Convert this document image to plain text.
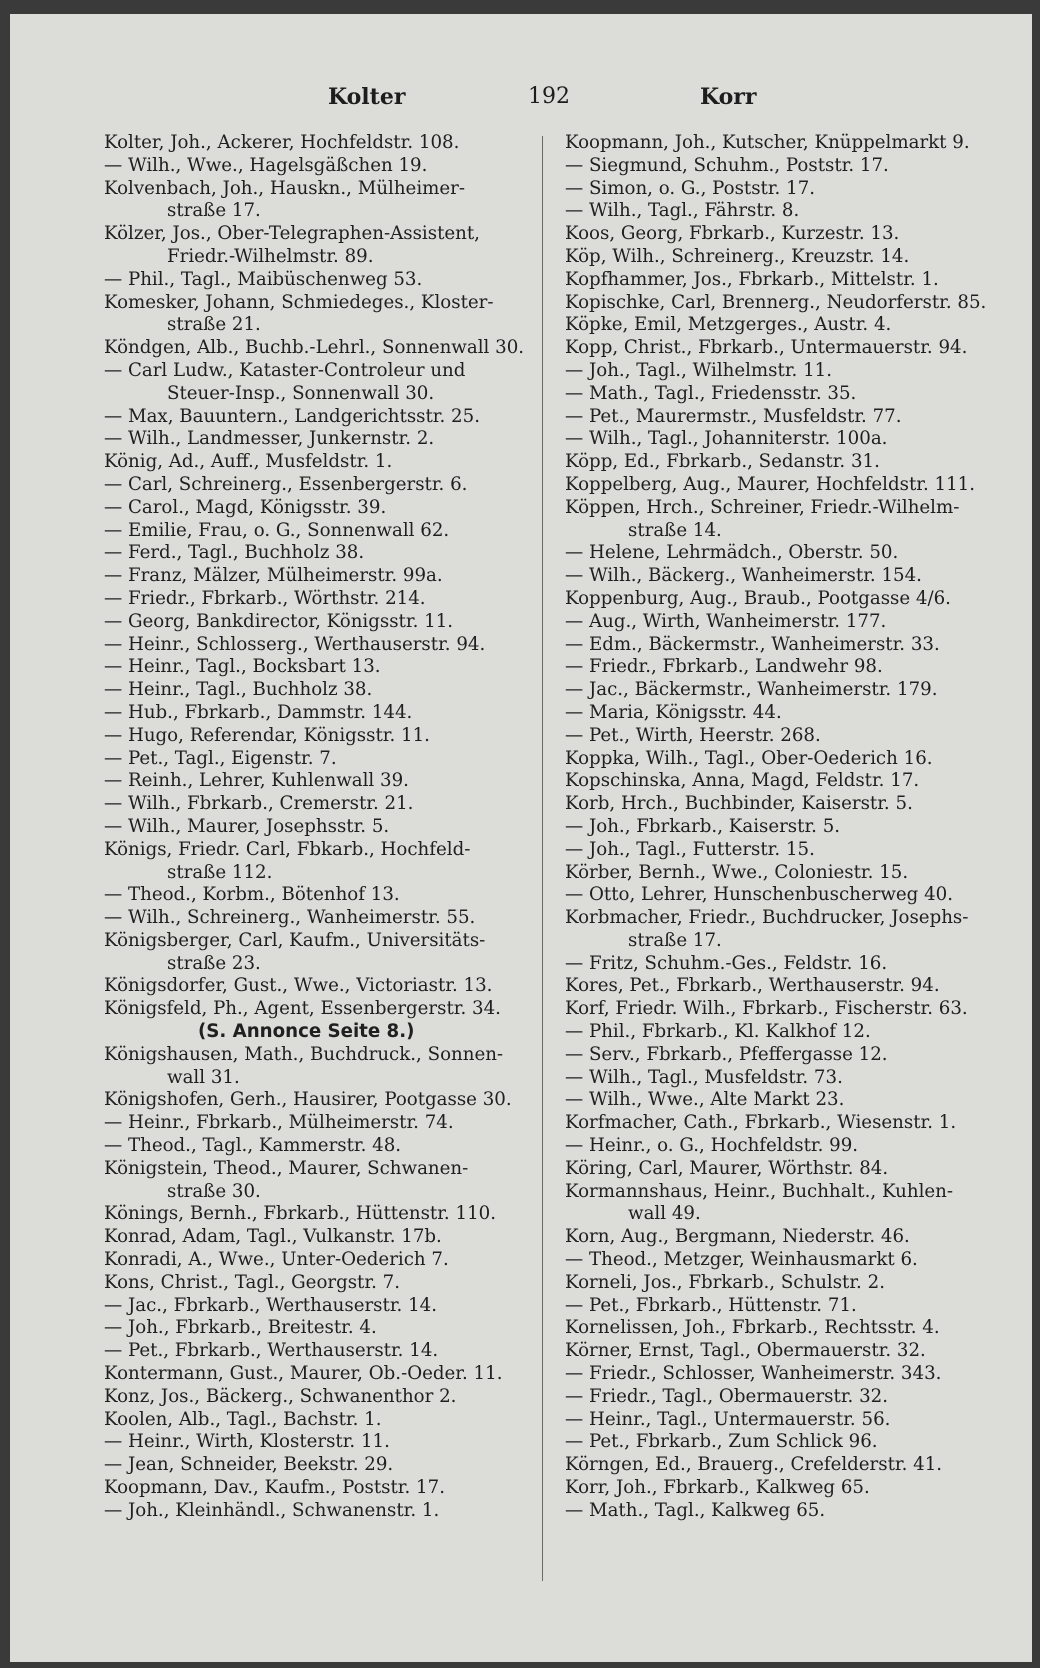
Kolter	192	Korr
Kolter, Joh., Ackerer, Hochfeldstr. 108.
— Wilh., Wwe., Hagelsgäßchen 19.
Kolvenbach, Joh., Hauskn., Mülheimer-
straße 17.
Kölzer, Jos., Ober-Telegraphen-Assistent,
Friedr.-Wilhelmstr. 89.
— Phil., Tagl., Maibüschenweg 53.
Komesker, Johann, Schmiedeges., Kloster-
straße 21.
Köndgen, Alb., Buchb.-Lehrl., Sonnenwall 30.
— Carl Ludw., Kataster-Controleur und
Steuer-Insp., Sonnenwall 30.
— Max, Bauuntern., Landgerichtsstr. 25.
— Wilh., Landmesser, Junkernstr. 2.
König, Ad., Auff., Musfeldstr. 1.
— Carl, Schreinerg., Essenbergerstr. 6.
— Carol., Magd, Königsstr. 39.
— Emilie, Frau, o. G., Sonnenwall 62.
— Ferd., Tagl., Buchholz 38.
— Franz, Mälzer, Mülheimerstr. 99a.
— Friedr., Fbrkarb., Wörthstr. 214.
— Georg, Bankdirector, Königsstr. 11.
— Heinr., Schlosserg., Werthauserstr. 94.
— Heinr., Tagl., Bocksbart 13.
— Heinr., Tagl., Buchholz 38.
— Hub., Fbrkarb., Dammstr. 144.
— Hugo, Referendar, Königsstr. 11.
— Pet., Tagl., Eigenstr. 7.
— Reinh., Lehrer, Kuhlenwall 39.
— Wilh., Fbrkarb., Cremerstr. 21.
— Wilh., Maurer, Josephsstr. 5.
Königs, Friedr. Carl, Fbkarb., Hochfeld-
straße 112.
— Theod., Korbm., Bötenhof 13.
— Wilh., Schreinerg., Wanheimerstr. 55.
Königsberger, Carl, Kaufm., Universitäts-
straße 23.
Königsdorfer, Gust., Wwe., Victoriastr. 13.
Königsfeld, Ph., Agent, Essenbergerstr. 34.
(S. Annonce Seite 8.)
Königshausen, Math., Buchdruck., Sonnen-
wall 31.
Königshofen, Gerh., Hausirer, Pootgasse 30.
— Heinr., Fbrkarb., Mülheimerstr. 74.
— Theod., Tagl., Kammerstr. 48.
Königstein, Theod., Maurer, Schwanen-
straße 30.
Könings, Bernh., Fbrkarb., Hüttenstr. 110.
Konrad, Adam, Tagl., Vulkanstr. 17b.
Konradi, A., Wwe., Unter-Oederich 7.
Kons, Christ., Tagl., Georgstr. 7.
— Jac., Fbrkarb., Werthauserstr. 14.
— Joh., Fbrkarb., Breitestr. 4.
— Pet., Fbrkarb., Werthauserstr. 14.
Kontermann, Gust., Maurer, Ob.-Oeder. 11.
Konz, Jos., Bäckerg., Schwanenthor 2.
Koolen, Alb., Tagl., Bachstr. 1.
— Heinr., Wirth, Klosterstr. 11.
— Jean, Schneider, Beekstr. 29.
Koopmann, Dav., Kaufm., Poststr. 17.
— Joh., Kleinhändl., Schwanenstr. 1.
Koopmann, Joh., Kutscher, Knüppelmarkt 9.
— Siegmund, Schuhm., Poststr. 17.
— Simon, o. G., Poststr. 17.
— Wilh., Tagl., Fährstr. 8.
Koos, Georg, Fbrkarb., Kurzestr. 13.
Köp, Wilh., Schreinerg., Kreuzstr. 14.
Kopfhammer, Jos., Fbrkarb., Mittelstr. 1.
Kopischke, Carl, Brennerg., Neudorferstr. 85.
Köpke, Emil, Metzgerges., Austr. 4.
Kopp, Christ., Fbrkarb., Untermauerstr. 94.
— Joh., Tagl., Wilhelmstr. 11.
— Math., Tagl., Friedensstr. 35.
— Pet., Maurermstr., Musfeldstr. 77.
— Wilh., Tagl., Johanniterstr. 100a.
Köpp, Ed., Fbrkarb., Sedanstr. 31.
Koppelberg, Aug., Maurer, Hochfeldstr. 111.
Köppen, Hrch., Schreiner, Friedr.-Wilhelm-
straße 14.
— Helene, Lehrmädch., Oberstr. 50.
— Wilh., Bäckerg., Wanheimerstr. 154.
Koppenburg, Aug., Braub., Pootgasse 4/6.
— Aug., Wirth, Wanheimerstr. 177.
— Edm., Bäckermstr., Wanheimerstr. 33.
— Friedr., Fbrkarb., Landwehr 98.
— Jac., Bäckermstr., Wanheimerstr. 179.
— Maria, Königsstr. 44.
— Pet., Wirth, Heerstr. 268.
Koppka, Wilh., Tagl., Ober-Oederich 16.
Kopschinska, Anna, Magd, Feldstr. 17.
Korb, Hrch., Buchbinder, Kaiserstr. 5.
— Joh., Fbrkarb., Kaiserstr. 5.
— Joh., Tagl., Futterstr. 15.
Körber, Bernh., Wwe., Coloniestr. 15.
— Otto, Lehrer, Hunschenbuscherweg 40.
Korbmacher, Friedr., Buchdrucker, Josephs-
straße 17.
— Fritz, Schuhm.-Ges., Feldstr. 16.
Kores, Pet., Fbrkarb., Werthauserstr. 94.
Korf, Friedr. Wilh., Fbrkarb., Fischerstr. 63.
— Phil., Fbrkarb., Kl. Kalkhof 12.
— Serv., Fbrkarb., Pfeffergasse 12.
— Wilh., Tagl., Musfeldstr. 73.
— Wilh., Wwe., Alte Markt 23.
Korfmacher, Cath., Fbrkarb., Wiesenstr. 1.
— Heinr., o. G., Hochfeldstr. 99.
Köring, Carl, Maurer, Wörthstr. 84.
Kormannshaus, Heinr., Buchhalt., Kuhlen-
wall 49.
Korn, Aug., Bergmann, Niederstr. 46.
— Theod., Metzger, Weinhausmarkt 6.
Korneli, Jos., Fbrkarb., Schulstr. 2.
— Pet., Fbrkarb., Hüttenstr. 71.
Kornelissen, Joh., Fbrkarb., Rechtsstr. 4.
Körner, Ernst, Tagl., Obermauerstr. 32.
— Friedr., Schlosser, Wanheimerstr. 343.
— Friedr., Tagl., Obermauerstr. 32.
— Heinr., Tagl., Untermauerstr. 56.
— Pet., Fbrkarb., Zum Schlick 96.
Körngen, Ed., Brauerg., Crefelderstr. 41.
Korr, Joh., Fbrkarb., Kalkweg 65.
— Math., Tagl., Kalkweg 65.
